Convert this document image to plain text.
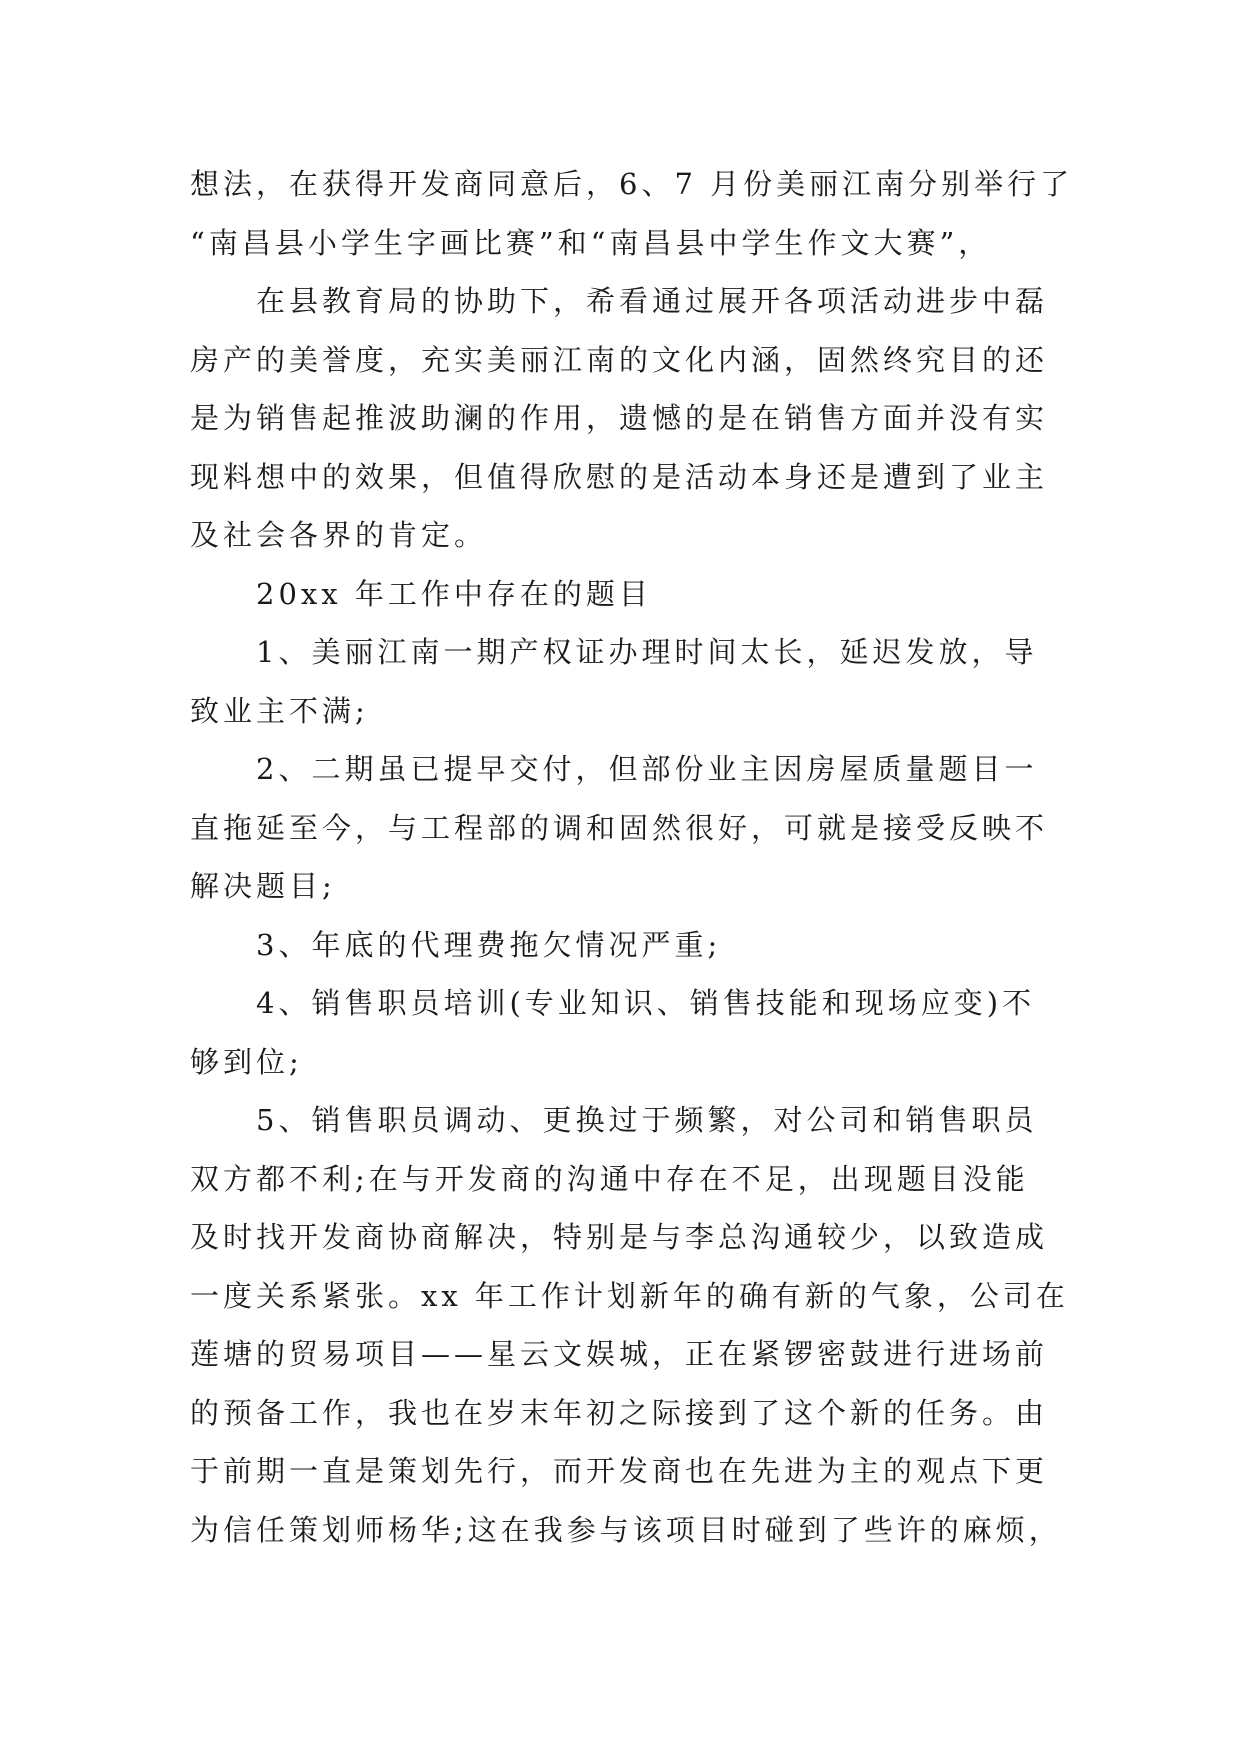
想法，在获得开发商同意后，6、7 月份美丽江南分别举行了
“南昌县小学生字画比赛”和“南昌县中学生作文大赛”，
在县教育局的协助下，希看通过展开各项活动进步中磊
房产的美誉度，充实美丽江南的文化内涵，固然终究目的还
是为销售起推波助澜的作用，遗憾的是在销售方面并没有实
现料想中的效果，但值得欣慰的是活动本身还是遭到了业主
及社会各界的肯定。
20xx 年工作中存在的题目
1、美丽江南一期产权证办理时间太长，延迟发放，导
致业主不满;
2、二期虽已提早交付，但部份业主因房屋质量题目一
直拖延至今，与工程部的调和固然很好，可就是接受反映不
解决题目;
3、年底的代理费拖欠情况严重;
4、销售职员培训(专业知识、销售技能和现场应变)不
够到位;
5、销售职员调动、更换过于频繁，对公司和销售职员
双方都不利;在与开发商的沟通中存在不足，出现题目没能
及时找开发商协商解决，特别是与李总沟通较少，以致造成
一度关系紧张。xx 年工作计划新年的确有新的气象，公司在
莲塘的贸易项目——星云文娱城，正在紧锣密鼓进行进场前
的预备工作，我也在岁末年初之际接到了这个新的任务。由
于前期一直是策划先行，而开发商也在先进为主的观点下更
为信任策划师杨华;这在我参与该项目时碰到了些许的麻烦，
